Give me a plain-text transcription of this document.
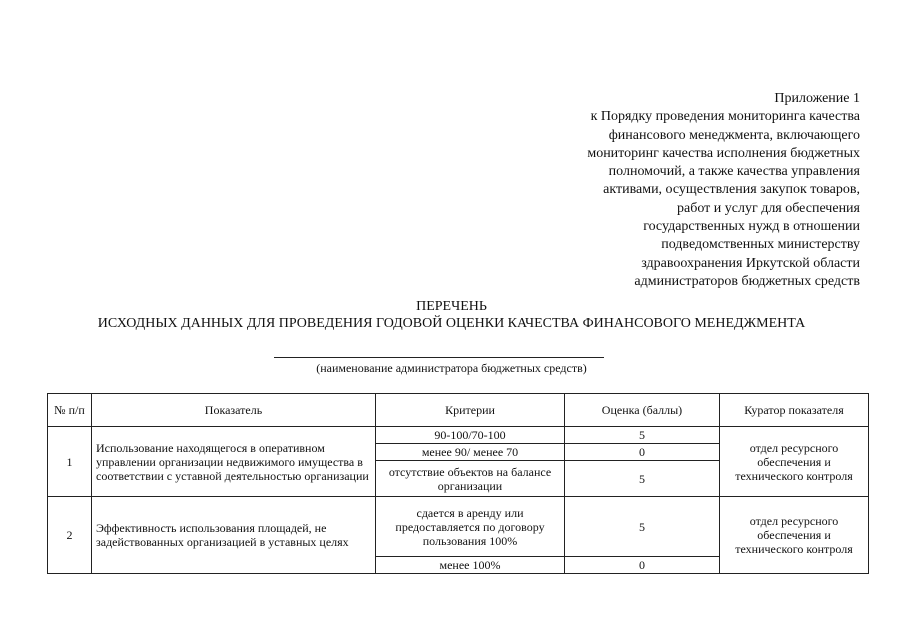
Приложение 1
к Порядку проведения мониторинга качества
финансового менеджмента, включающего
мониторинг качества исполнения бюджетных
полномочий, а также качества управления
активами, осуществления закупок товаров,
работ и услуг для обеспечения
государственных нужд в отношении
подведомственных министерству
здравоохранения Иркутской области
администраторов бюджетных средств
ПЕРЕЧЕНЬ
ИСХОДНЫХ ДАННЫХ ДЛЯ ПРОВЕДЕНИЯ ГОДОВОЙ ОЦЕНКИ КАЧЕСТВА ФИНАНСОВОГО МЕНЕДЖМЕНТА
(наименование администратора бюджетных средств)
№ п/п	Показатель	Критерии	Оценка (баллы)	Куратор показателя
1	Использование находящегося в оперативном управлении организации недвижимого имущества в соответствии с уставной деятельностью организации	90-100/70-100	5	отдел ресурсного обеспечения и технического контроля
		менее 90/ менее 70	0	
		отсутствие объектов на балансе организации	5	
2	Эффективность использования площадей, не задействованных организацией в уставных целях	сдается в аренду или предоставляется по договору пользования 100%	5	отдел ресурсного обеспечения и технического контроля
		менее 100%	0	
